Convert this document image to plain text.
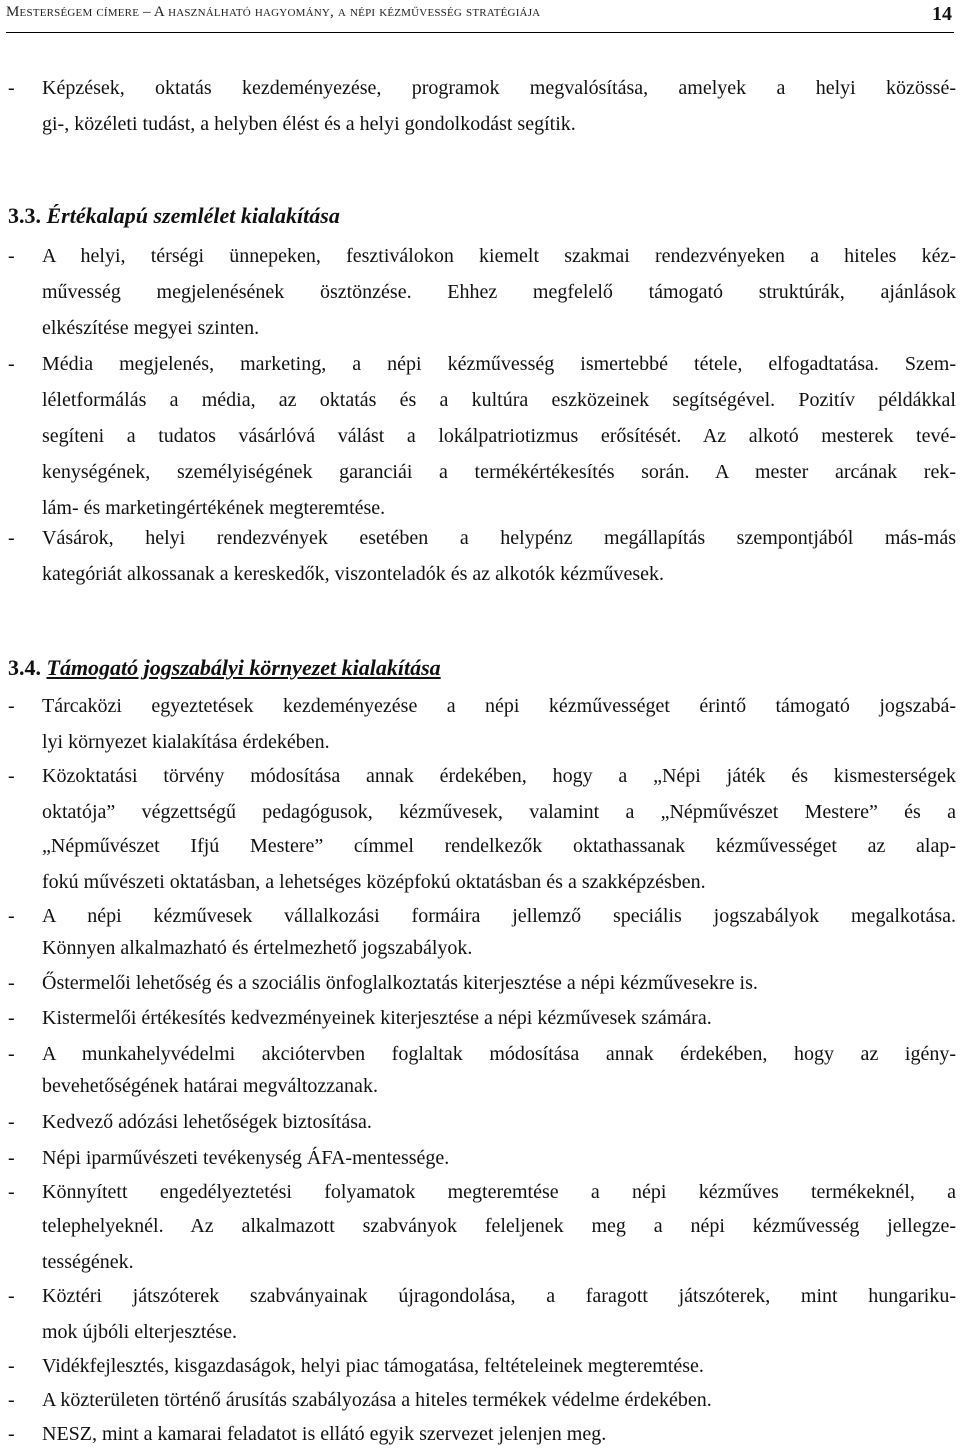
Mesterségem címere – A használható hagyomány, a népi kézművesség stratégiája	14
- Képzések, oktatás kezdeményezése, programok megvalósítása, amelyek a helyi közössé-
gi-, közéleti tudást, a helyben élést és a helyi gondolkodást segítik.
3.3. Értékalapú szemlélet kialakítása
- A helyi, térségi ünnepeken, fesztiválokon kiemelt szakmai rendezvényeken a hiteles kéz-
művesség megjelenésének ösztönzése. Ehhez megfelelő támogató struktúrák, ajánlások
elkészítése megyei szinten.
- Média megjelenés, marketing, a népi kézművesség ismertebbé tétele, elfogadtatása. Szem-
léletformálás a média, az oktatás és a kultúra eszközeinek segítségével. Pozitív példákkal
segíteni a tudatos vásárlóvá válást a lokálpatriotizmus erősítését. Az alkotó mesterek tevé-
kenységének, személyiségének garanciái a termékértékesítés során. A mester arcának rek-
lám- és marketingértékének megteremtése.
- Vásárok, helyi rendezvények esetében a helypénz megállapítás szempontjából más-más
kategóriát alkossanak a kereskedők, viszonteladók és az alkotók kézművesek.
3.4. Támogató jogszabályi környezet kialakítása
- Tárcaközi egyeztetések kezdeményezése a népi kézművességet érintő támogató jogszabá-
lyi környezet kialakítása érdekében.
- Közoktatási törvény módosítása annak érdekében, hogy a „Népi játék és kismesterségek
oktatója” végzettségű pedagógusok, kézművesek, valamint a „Népművészet Mestere” és a
„Népművészet Ifjú Mestere” címmel rendelkezők oktathassanak kézművességet az alap-
fokú művészeti oktatásban, a lehetséges középfokú oktatásban és a szakképzésben.
- A népi kézművesek vállalkozási formáira jellemző speciális jogszabályok megalkotása.
Könnyen alkalmazható és értelmezhető jogszabályok.
- Őstermelői lehetőség és a szociális önfoglalkoztatás kiterjesztése a népi kézművesekre is.
- Kistermelői értékesítés kedvezményeinek kiterjesztése a népi kézművesek számára.
- A munkahelyvédelmi akciótervben foglaltak módosítása annak érdekében, hogy az igény-
bevehetőségének határai megváltozzanak.
- Kedvező adózási lehetőségek biztosítása.
- Népi iparművészeti tevékenység ÁFA-mentessége.
- Könnyített engedélyeztetési folyamatok megteremtése a népi kézműves termékeknél, a
telephelyeknél. Az alkalmazott szabványok feleljenek meg a népi kézművesség jellegze-
tességének.
- Köztéri játszóterek szabványainak újragondolása, a faragott játszóterek, mint hungariku-
mok újbóli elterjesztése.
- Vidékfejlesztés, kisgazdaságok, helyi piac támogatása, feltételeinek megteremtése.
- A közterületen történő árusítás szabályozása a hiteles termékek védelme érdekében.
- NESZ, mint a kamarai feladatot is ellátó egyik szervezet jelenjen meg.
